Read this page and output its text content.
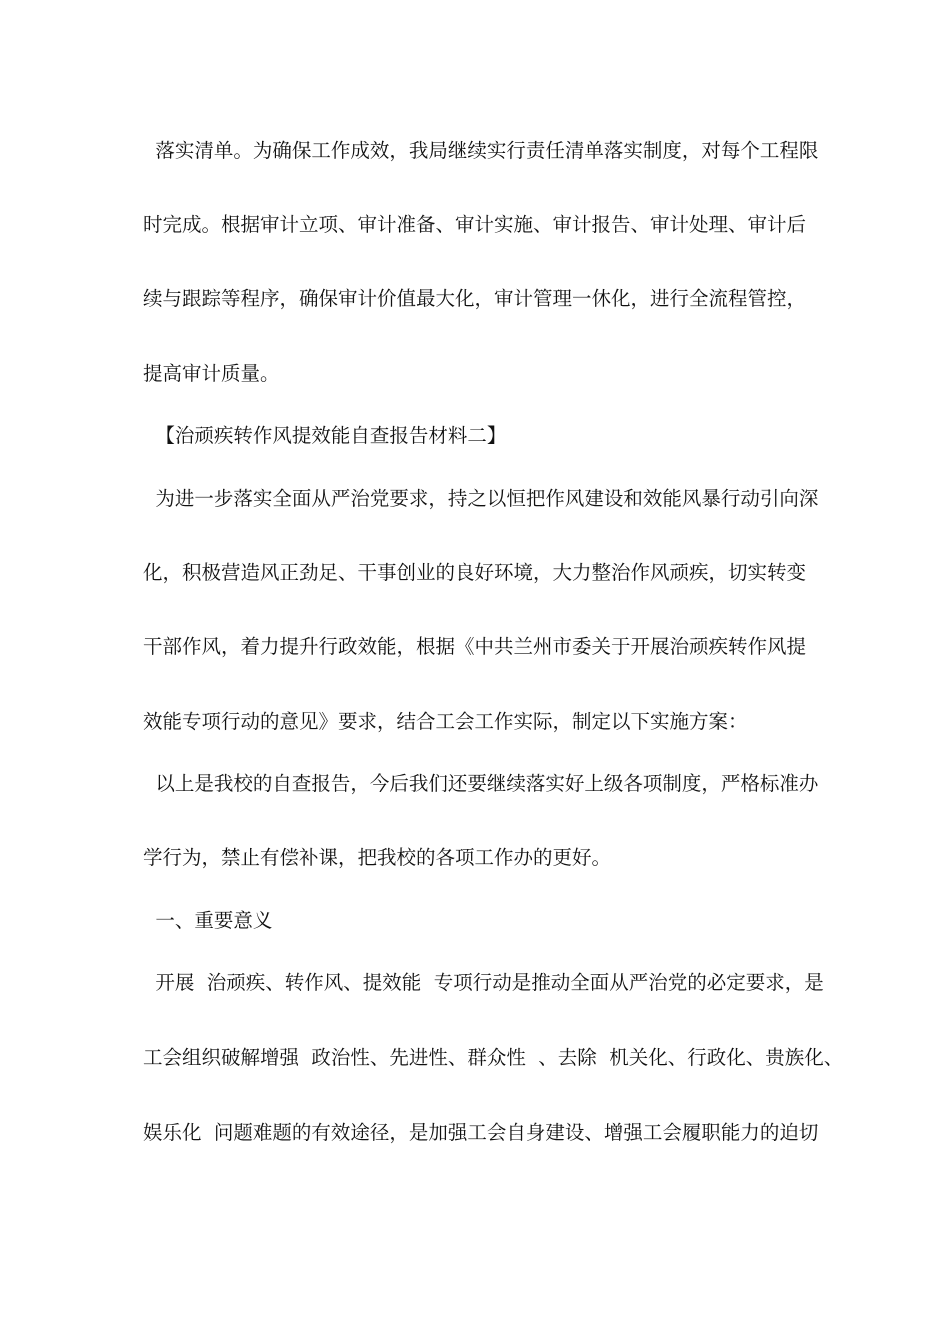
落实清单。为确保工作成效，我局继续实行责任清单落实制度，对每个工程限
时完成。根据审计立项、审计准备、审计实施、审计报告、审计处理、审计后
续与跟踪等程序，确保审计价值最大化，审计管理一休化，进行全流程管控，
提高审计质量。
【治顽疾转作风提效能自查报告材料二】
为进一步落实全面从严治党要求，持之以恒把作风建设和效能风暴行动引向深
化，积极营造风正劲足、干事创业的良好环境，大力整治作风顽疾，切实转变
干部作风，着力提升行政效能，根据《中共兰州市委关于开展治顽疾转作风提
效能专项行动的意见》要求，结合工会工作实际，制定以下实施方案：
以上是我校的自查报告，今后我们还要继续落实好上级各项制度，严格标准办
学行为，禁止有偿补课，把我校的各项工作办的更好。
一、重要意义
开展  治顽疾、转作风、提效能  专项行动是推动全面从严治党的必定要求，是
工会组织破解增强  政治性、先进性、群众性  、去除  机关化、行政化、贵族化、
娱乐化  问题难题的有效途径，是加强工会自身建设、增强工会履职能力的迫切
